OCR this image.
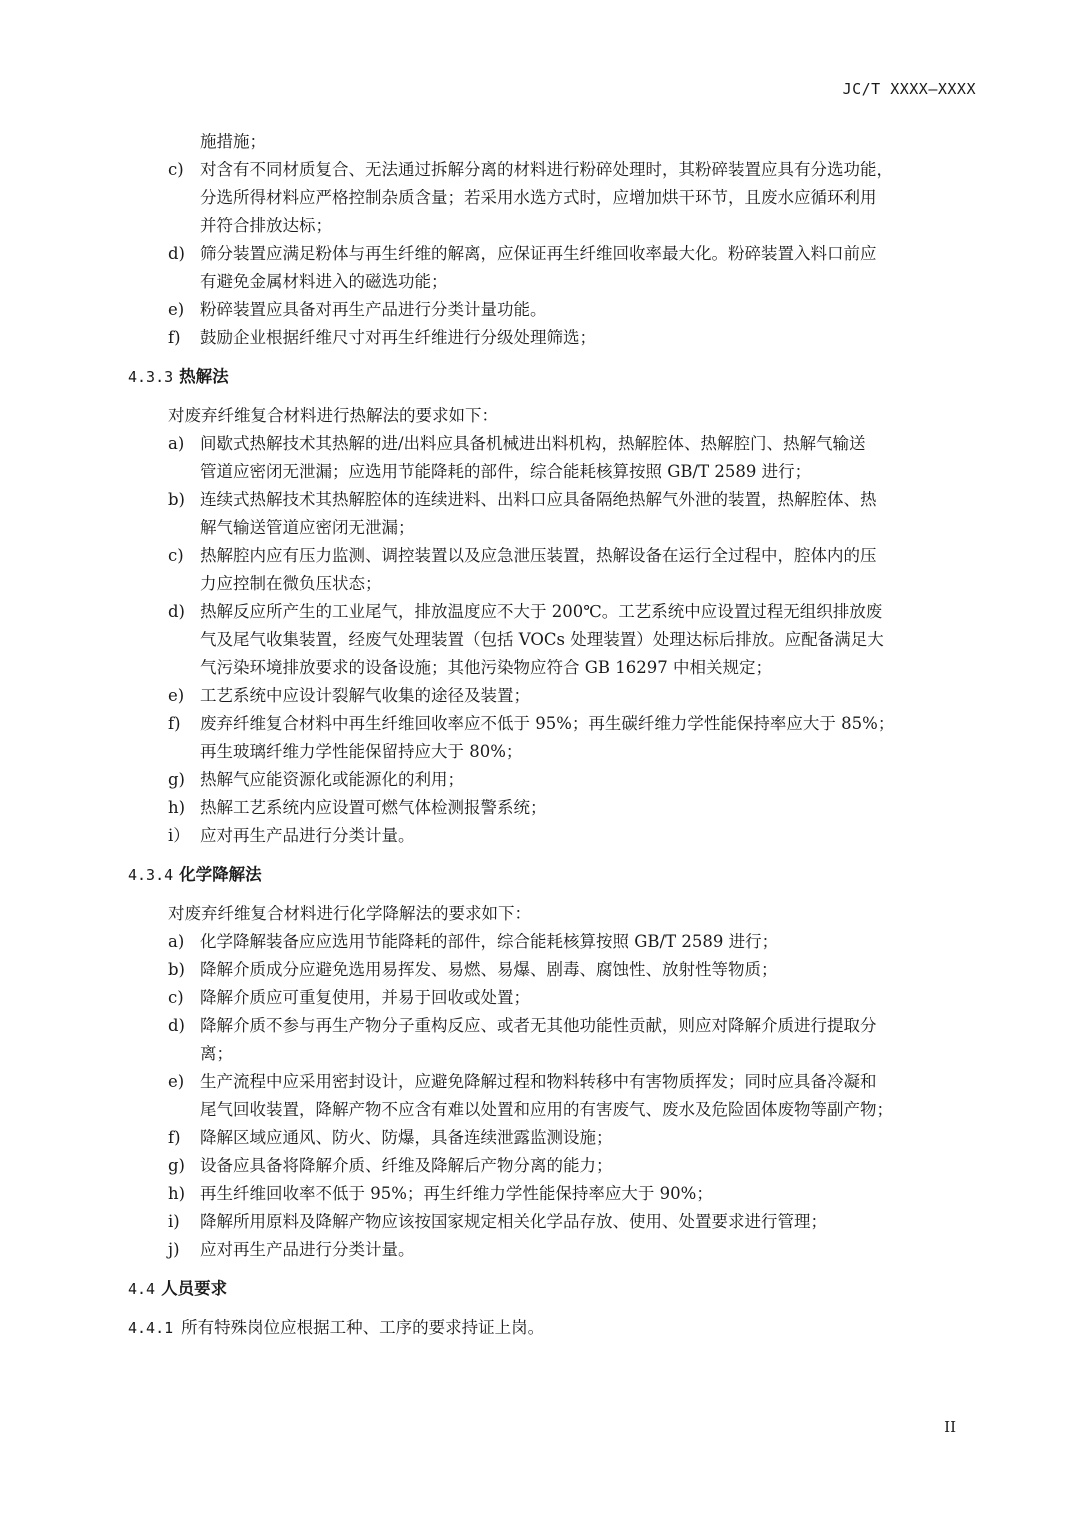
JC/T XXXX—XXXX
施措施；
c) 对含有不同材质复合、无法通过拆解分离的材料进行粉碎处理时，其粉碎装置应具有分选功能，
分选所得材料应严格控制杂质含量；若采用水选方式时，应增加烘干环节，且废水应循环利用
并符合排放达标；
d) 筛分装置应满足粉体与再生纤维的解离，应保证再生纤维回收率最大化。粉碎装置入料口前应
有避免金属材料进入的磁选功能；
e) 粉碎装置应具备对再生产品进行分类计量功能。
f)	鼓励企业根据纤维尺寸对再生纤维进行分级处理筛选；
4.3.3 热解法
对废弃纤维复合材料进行热解法的要求如下：
a) 间歇式热解技术其热解的进/出料应具备机械进出料机构，热解腔体、热解腔门、热解气输送
管道应密闭无泄漏；应选用节能降耗的部件，综合能耗核算按照 GB/T 2589 进行；
b) 连续式热解技术其热解腔体的连续进料、出料口应具备隔绝热解气外泄的装置，热解腔体、热
解气输送管道应密闭无泄漏；
c) 热解腔内应有压力监测、调控装置以及应急泄压装置，热解设备在运行全过程中，腔体内的压
力应控制在微负压状态；
d) 热解反应所产生的工业尾气，排放温度应不大于 200℃。工艺系统中应设置过程无组织排放废
气及尾气收集装置，经废气处理装置（包括 VOCs 处理装置）处理达标后排放。应配备满足大
气污染环境排放要求的设备设施；其他污染物应符合 GB 16297 中相关规定；
e) 工艺系统中应设计裂解气收集的途径及装置；
f)	废弃纤维复合材料中再生纤维回收率应不低于 95%；再生碳纤维力学性能保持率应大于 85%；
再生玻璃纤维力学性能保留持应大于 80%；
g) 热解气应能资源化或能源化的利用；
h) 热解工艺系统内应设置可燃气体检测报警系统；
i） 应对再生产品进行分类计量。
4.3.4 化学降解法
对废弃纤维复合材料进行化学降解法的要求如下：
a) 化学降解装备应应选用节能降耗的部件，综合能耗核算按照 GB/T 2589 进行；
b) 降解介质成分应避免选用易挥发、易燃、易爆、剧毒、腐蚀性、放射性等物质；
c) 降解介质应可重复使用，并易于回收或处置；
d) 降解介质不参与再生产物分子重构反应、或者无其他功能性贡献，则应对降解介质进行提取分
离；
e) 生产流程中应采用密封设计，应避免降解过程和物料转移中有害物质挥发；同时应具备冷凝和
尾气回收装置，降解产物不应含有难以处置和应用的有害废气、废水及危险固体废物等副产物；
f)	降解区域应通风、防火、防爆，具备连续泄露监测设施；
g) 设备应具备将降解介质、纤维及降解后产物分离的能力；
h) 再生纤维回收率不低于 95%；再生纤维力学性能保持率应大于 90%；
i)	降解所用原料及降解产物应该按国家规定相关化学品存放、使用、处置要求进行管理；
j)	应对再生产品进行分类计量。
4.4 人员要求
4.4.1 所有特殊岗位应根据工种、工序的要求持证上岗。
II
